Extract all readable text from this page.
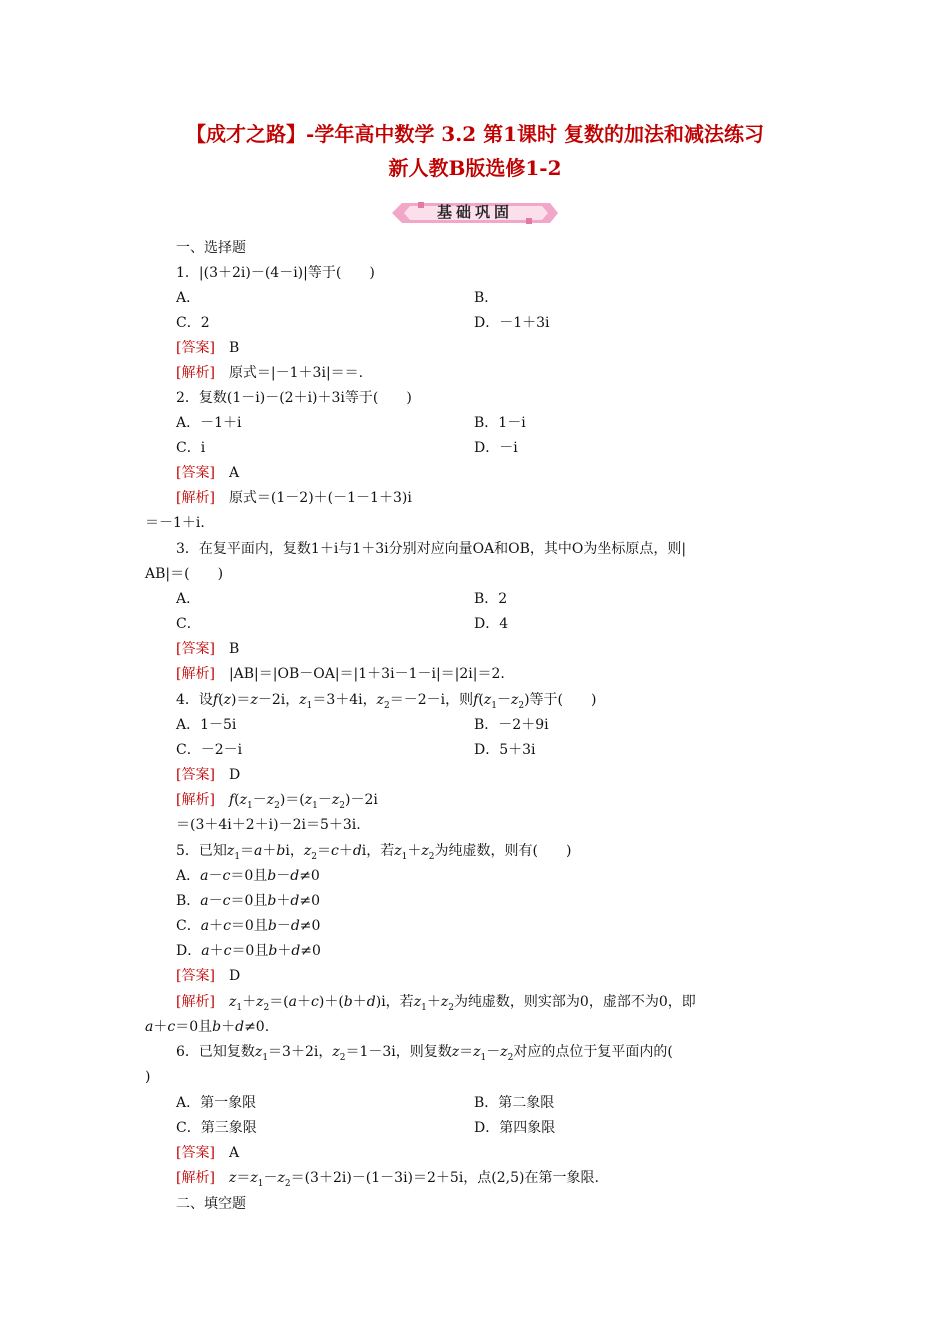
【成才之路】-学年高中数学 3.2 第1课时 复数的加法和减法练习
新人教B版选修1-2
基础巩固
一、选择题
1．|(3＋2i)－(4－i)|等于(　　)
A．	B．
C．2	D．－1＋3i
[答案] B
[解析] 原式＝|－1＋3i|＝＝.
2．复数(1－i)－(2＋i)＋3i等于(　　)
A．－1＋i	B．1－i
C．i	D．－i
[答案] A
[解析] 原式＝(1－2)＋(－1－1＋3)i
＝－1＋i.
3．在复平面内，复数1＋i与1＋3i分别对应向量OA和OB，其中O为坐标原点，则|
AB|＝(　　)
A．	B．2
C．	D．4
[答案] B
[解析] |AB|＝|OB－OA|＝|1＋3i－1－i|＝|2i|＝2.
4．设f(z)＝z－2i，$z_1=3+4i$，$z_2=-2-i$，则$f(z_1-z_2)$等于(　　)
A．1－5i	B．－2＋9i
C．－2－i	D．5＋3i
[答案] D
[解析] $f(z_1-z_2)=(z_1-z_2)-2i$
＝(3＋4i＋2＋i)－2i＝5＋3i.
5．已知$z_1=a+bi$，$z_2=c+di$，若$z_1+z_2$为纯虚数，则有(　　)
A．a－c＝0且b－d≠0
B．a－c＝0且b＋d≠0
C．a＋c＝0且b－d≠0
D．a＋c＝0且b＋d≠0
[答案] D
[解析] $z_1+z_2=(a+c)+(b+d)i$，若$z_1+z_2$为纯虚数，则实部为0，虚部不为0，即
a＋c＝0且b＋d≠0.
6．已知复数$z_1=3+2i$，$z_2=1-3i$，则复数$z=z_1-z_2$对应的点位于复平面内的(
)
A．第一象限	B．第二象限
C．第三象限	D．第四象限
[答案] A
[解析] $z=z_1-z_2=(3+2i)-(1-3i)=2+5i$，点(2,5)在第一象限.
二、填空题
